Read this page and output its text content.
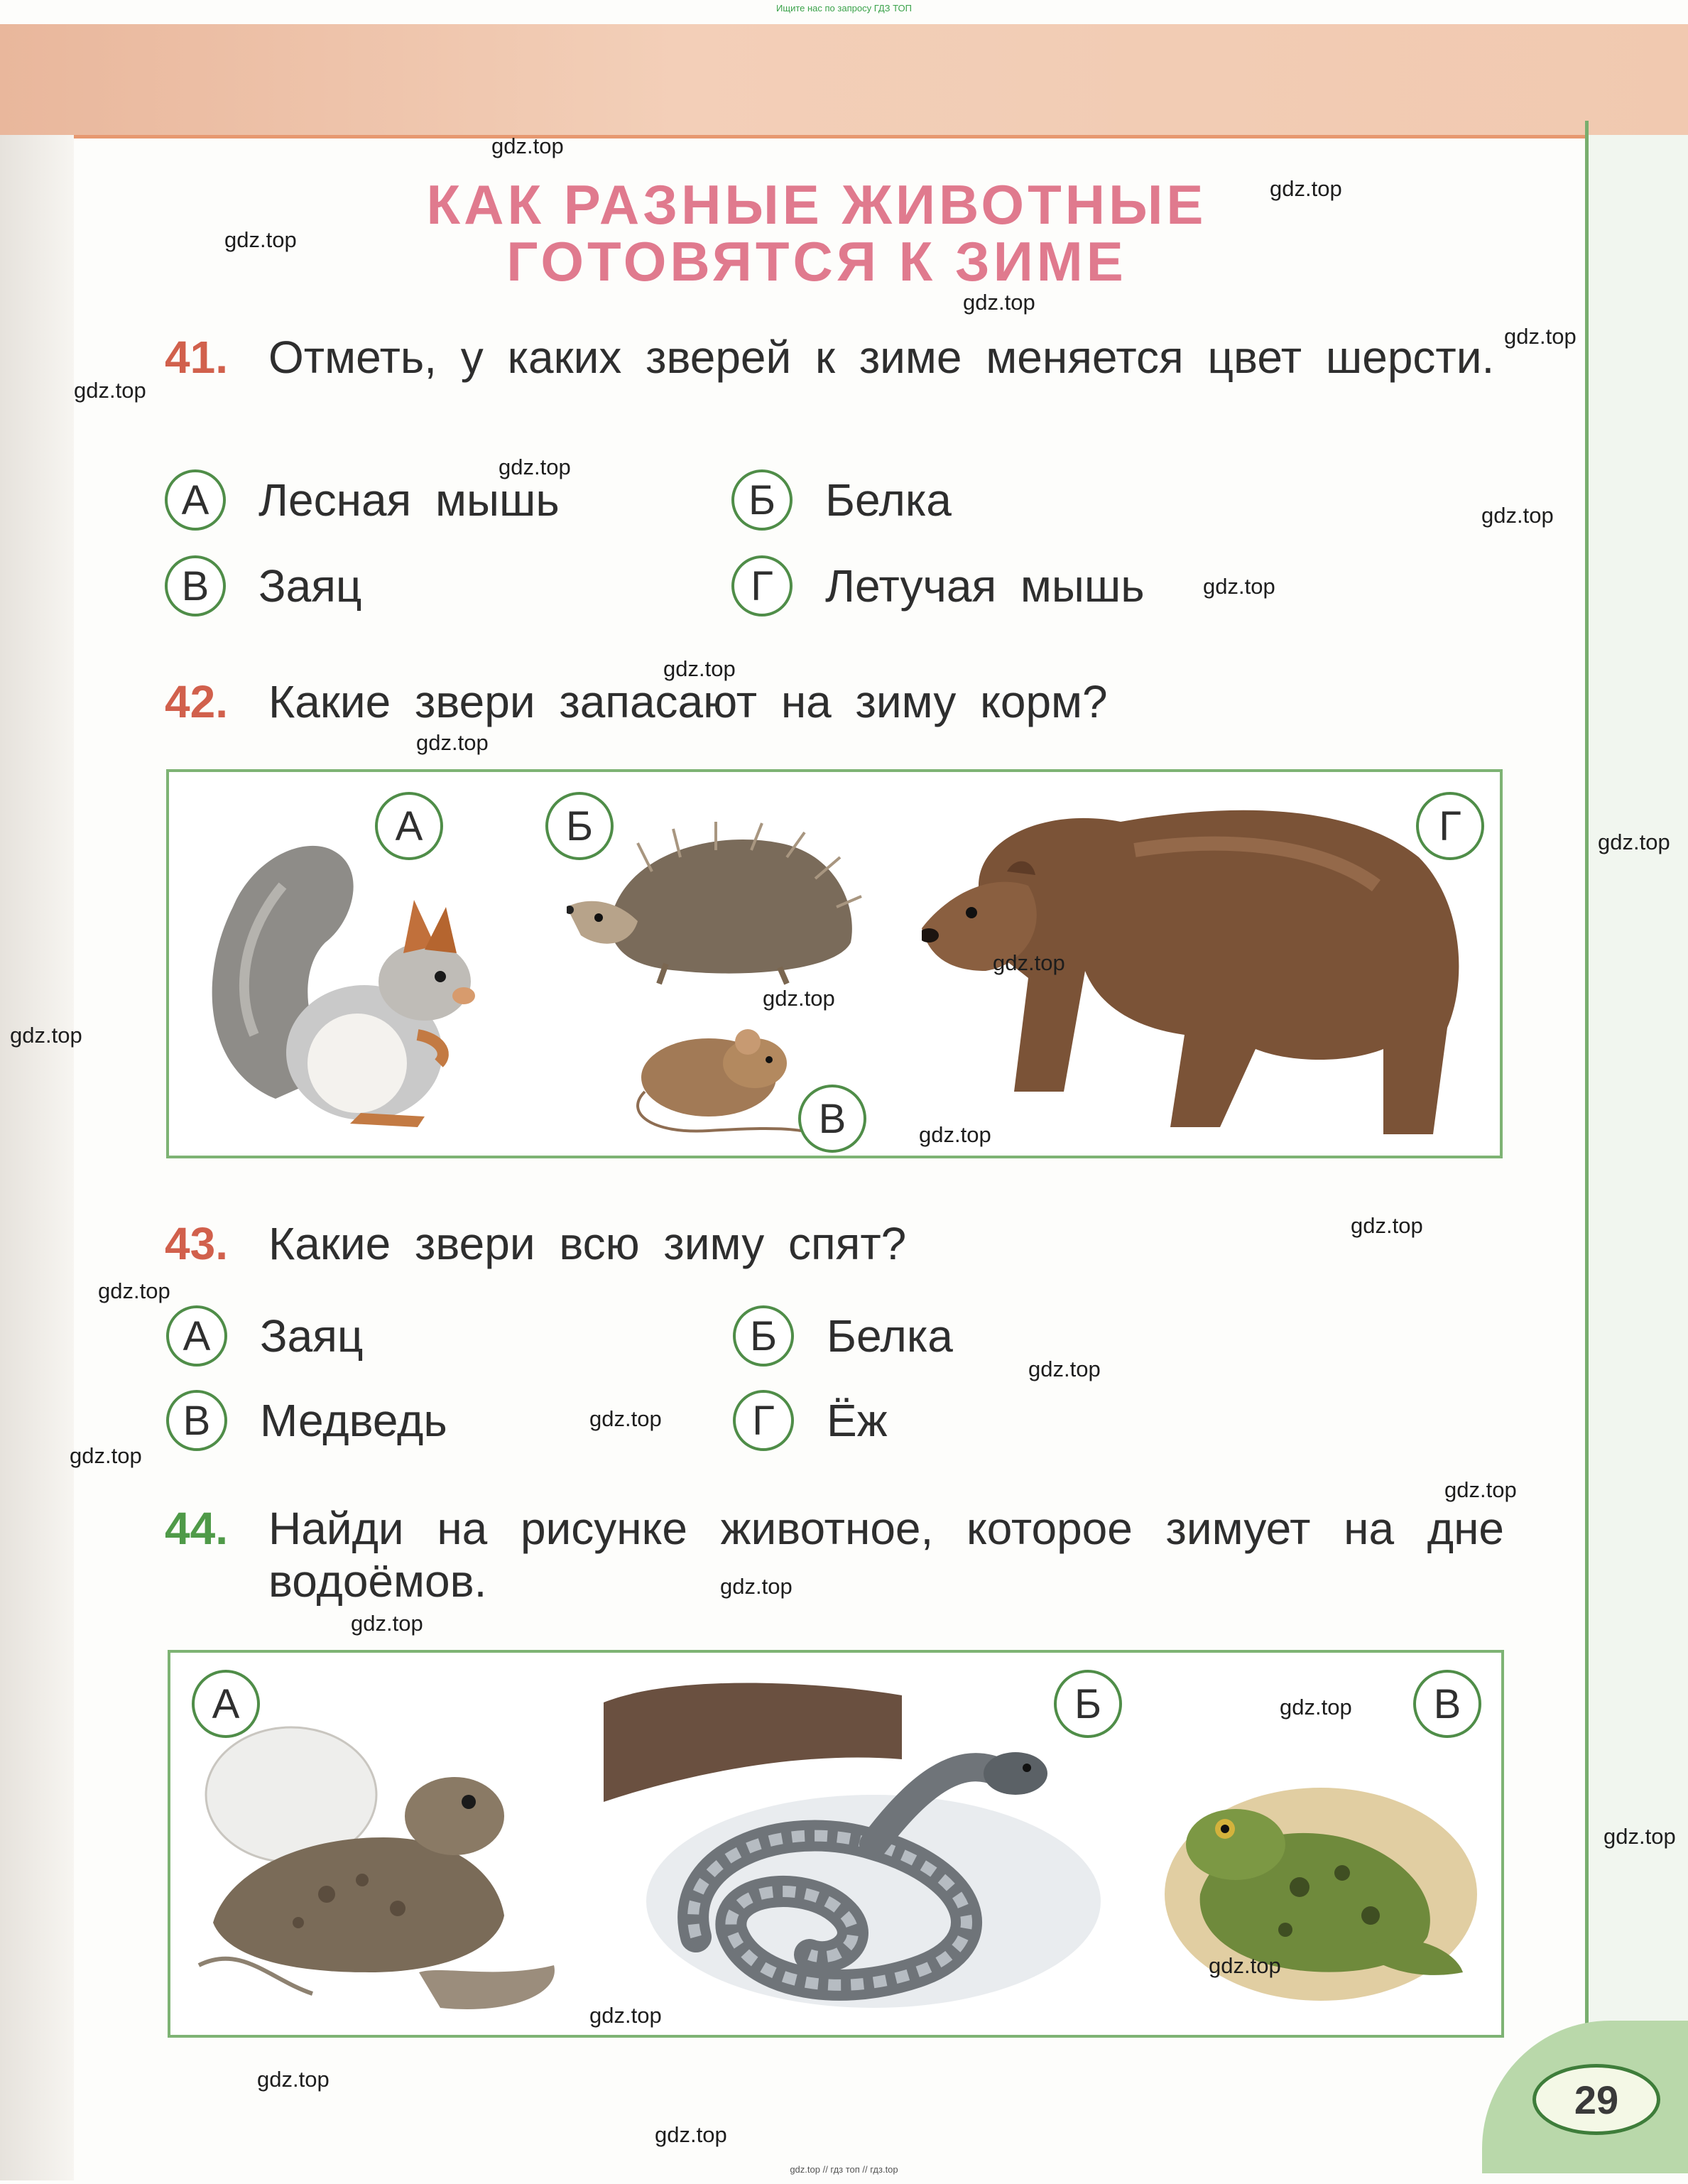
Ищите нас по запросу ГДЗ ТОП
КАК РАЗНЫЕ ЖИВОТНЫЕ
ГОТОВЯТСЯ К ЗИМЕ
41. Отметь, у каких зверей к зиме меняется цвет шерсти.
А	Лесная мышь	Б	Белка
В	Заяц	Г	Летучая мышь
42. Какие звери запасают на зиму корм?
А	Б
В
Г
43. Какие звери всю зиму спят?
А	Заяц	Б	Белка
В	Медведь	Г	Ёж
44. Найди на рисунке животное, которое зимует на дне водоёмов.
А	Б	В
29
gdz.top
gdz.top
gdz.top
gdz.top
gdz.top
gdz.top
gdz.top
gdz.top
gdz.top
gdz.top
gdz.top
gdz.top
gdz.top
gdz.top
gdz.top
gdz.top
gdz.top
gdz.top
gdz.top
gdz.top
gdz.top
gdz.top
gdz.top
gdz.top
gdz.top
gdz.top
gdz.top
gdz.top
gdz.top
gdz.top
gdz.top // гдз топ // гдз.top
